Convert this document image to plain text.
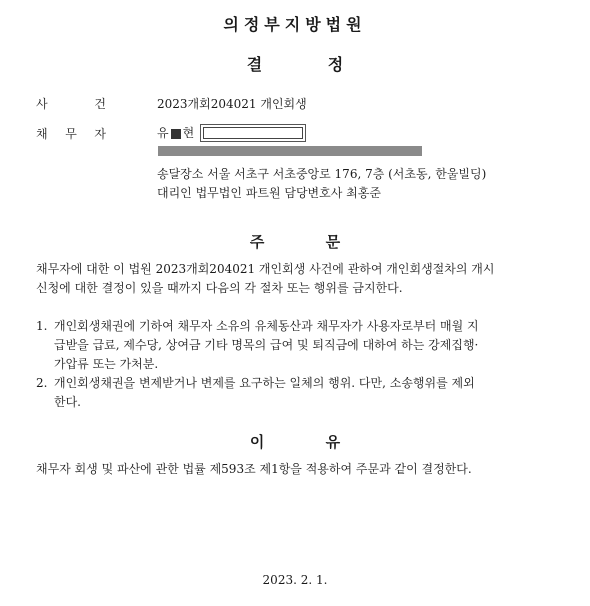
의정부지방법원
결 정
사 건	2023개회204021 개인회생
채 무 자	유 현
송달장소 서울 서초구 서초중앙로 176, 7층 (서초동, 한울빌딩)
대리인 법무법인 파트원 담당변호사 최홍준
주 문
채무자에 대한 이 법원 2023개회204021 개인회생 사건에 관하여 개인회생절차의 개시
신청에 대한 결정이 있을 때까지 다음의 각 절차 또는 행위를 금지한다.
1. 개인회생채권에 기하여 채무자 소유의 유체동산과 채무자가 사용자로부터 매월 지
급받을 급료, 제수당, 상여금 기타 명목의 급여 및 퇴직금에 대하여 하는 강제집행·
가압류 또는 가처분.
2. 개인회생채권을 변제받거나 변제를 요구하는 일체의 행위. 다만, 소송행위를 제외
한다.
이 유
채무자 회생 및 파산에 관한 법률 제593조 제1항을 적용하여 주문과 같이 결정한다.
2023. 2. 1.
